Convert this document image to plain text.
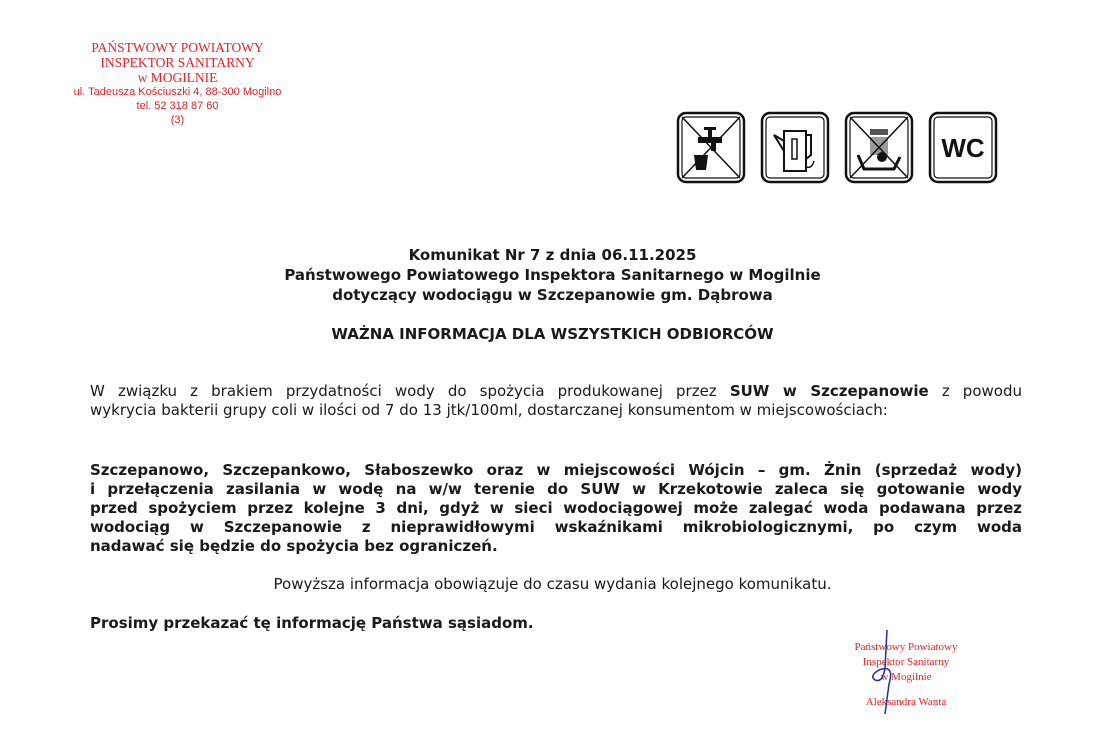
PAŃSTWOWY POWIATOWY
INSPEKTOR SANITARNY
w MOGILNIE
ul. Tadeusza Kościuszki 4, 88-300 Mogilno
tel. 52 318 87 60
(3)
WC
Komunikat Nr 7 z dnia 06.11.2025
Państwowego Powiatowego Inspektora Sanitarnego w Mogilnie
dotyczący wodociągu w Szczepanowie gm. Dąbrowa
WAŻNA INFORMACJA DLA WSZYSTKICH ODBIORCÓW
W związku z brakiem przydatności wody do spożycia produkowanej przez SUW w Szczepanowie z powodu
wykrycia bakterii grupy coli w ilości od 7 do 13 jtk/100ml, dostarczanej konsumentom w miejscowościach:
Szczepanowo, Szczepankowo, Słaboszewko oraz w miejscowości Wójcin – gm. Żnin (sprzedaż wody)
i przełączenia zasilania w wodę na w/w terenie do SUW w Krzekotowie zaleca się gotowanie wody
przed spożyciem przez kolejne 3 dni, gdyż w sieci wodociągowej może zalegać woda podawana przez
wodociąg w Szczepanowie z nieprawidłowymi wskaźnikami mikrobiologicznymi, po czym woda
nadawać się będzie do spożycia bez ograniczeń.
Powyższa informacja obowiązuje do czasu wydania kolejnego komunikatu.
Prosimy przekazać tę informację Państwa sąsiadom.
Państwowy Powiatowy
Inspektor Sanitarny
w Mogilnie
Aleksandra Wanta
